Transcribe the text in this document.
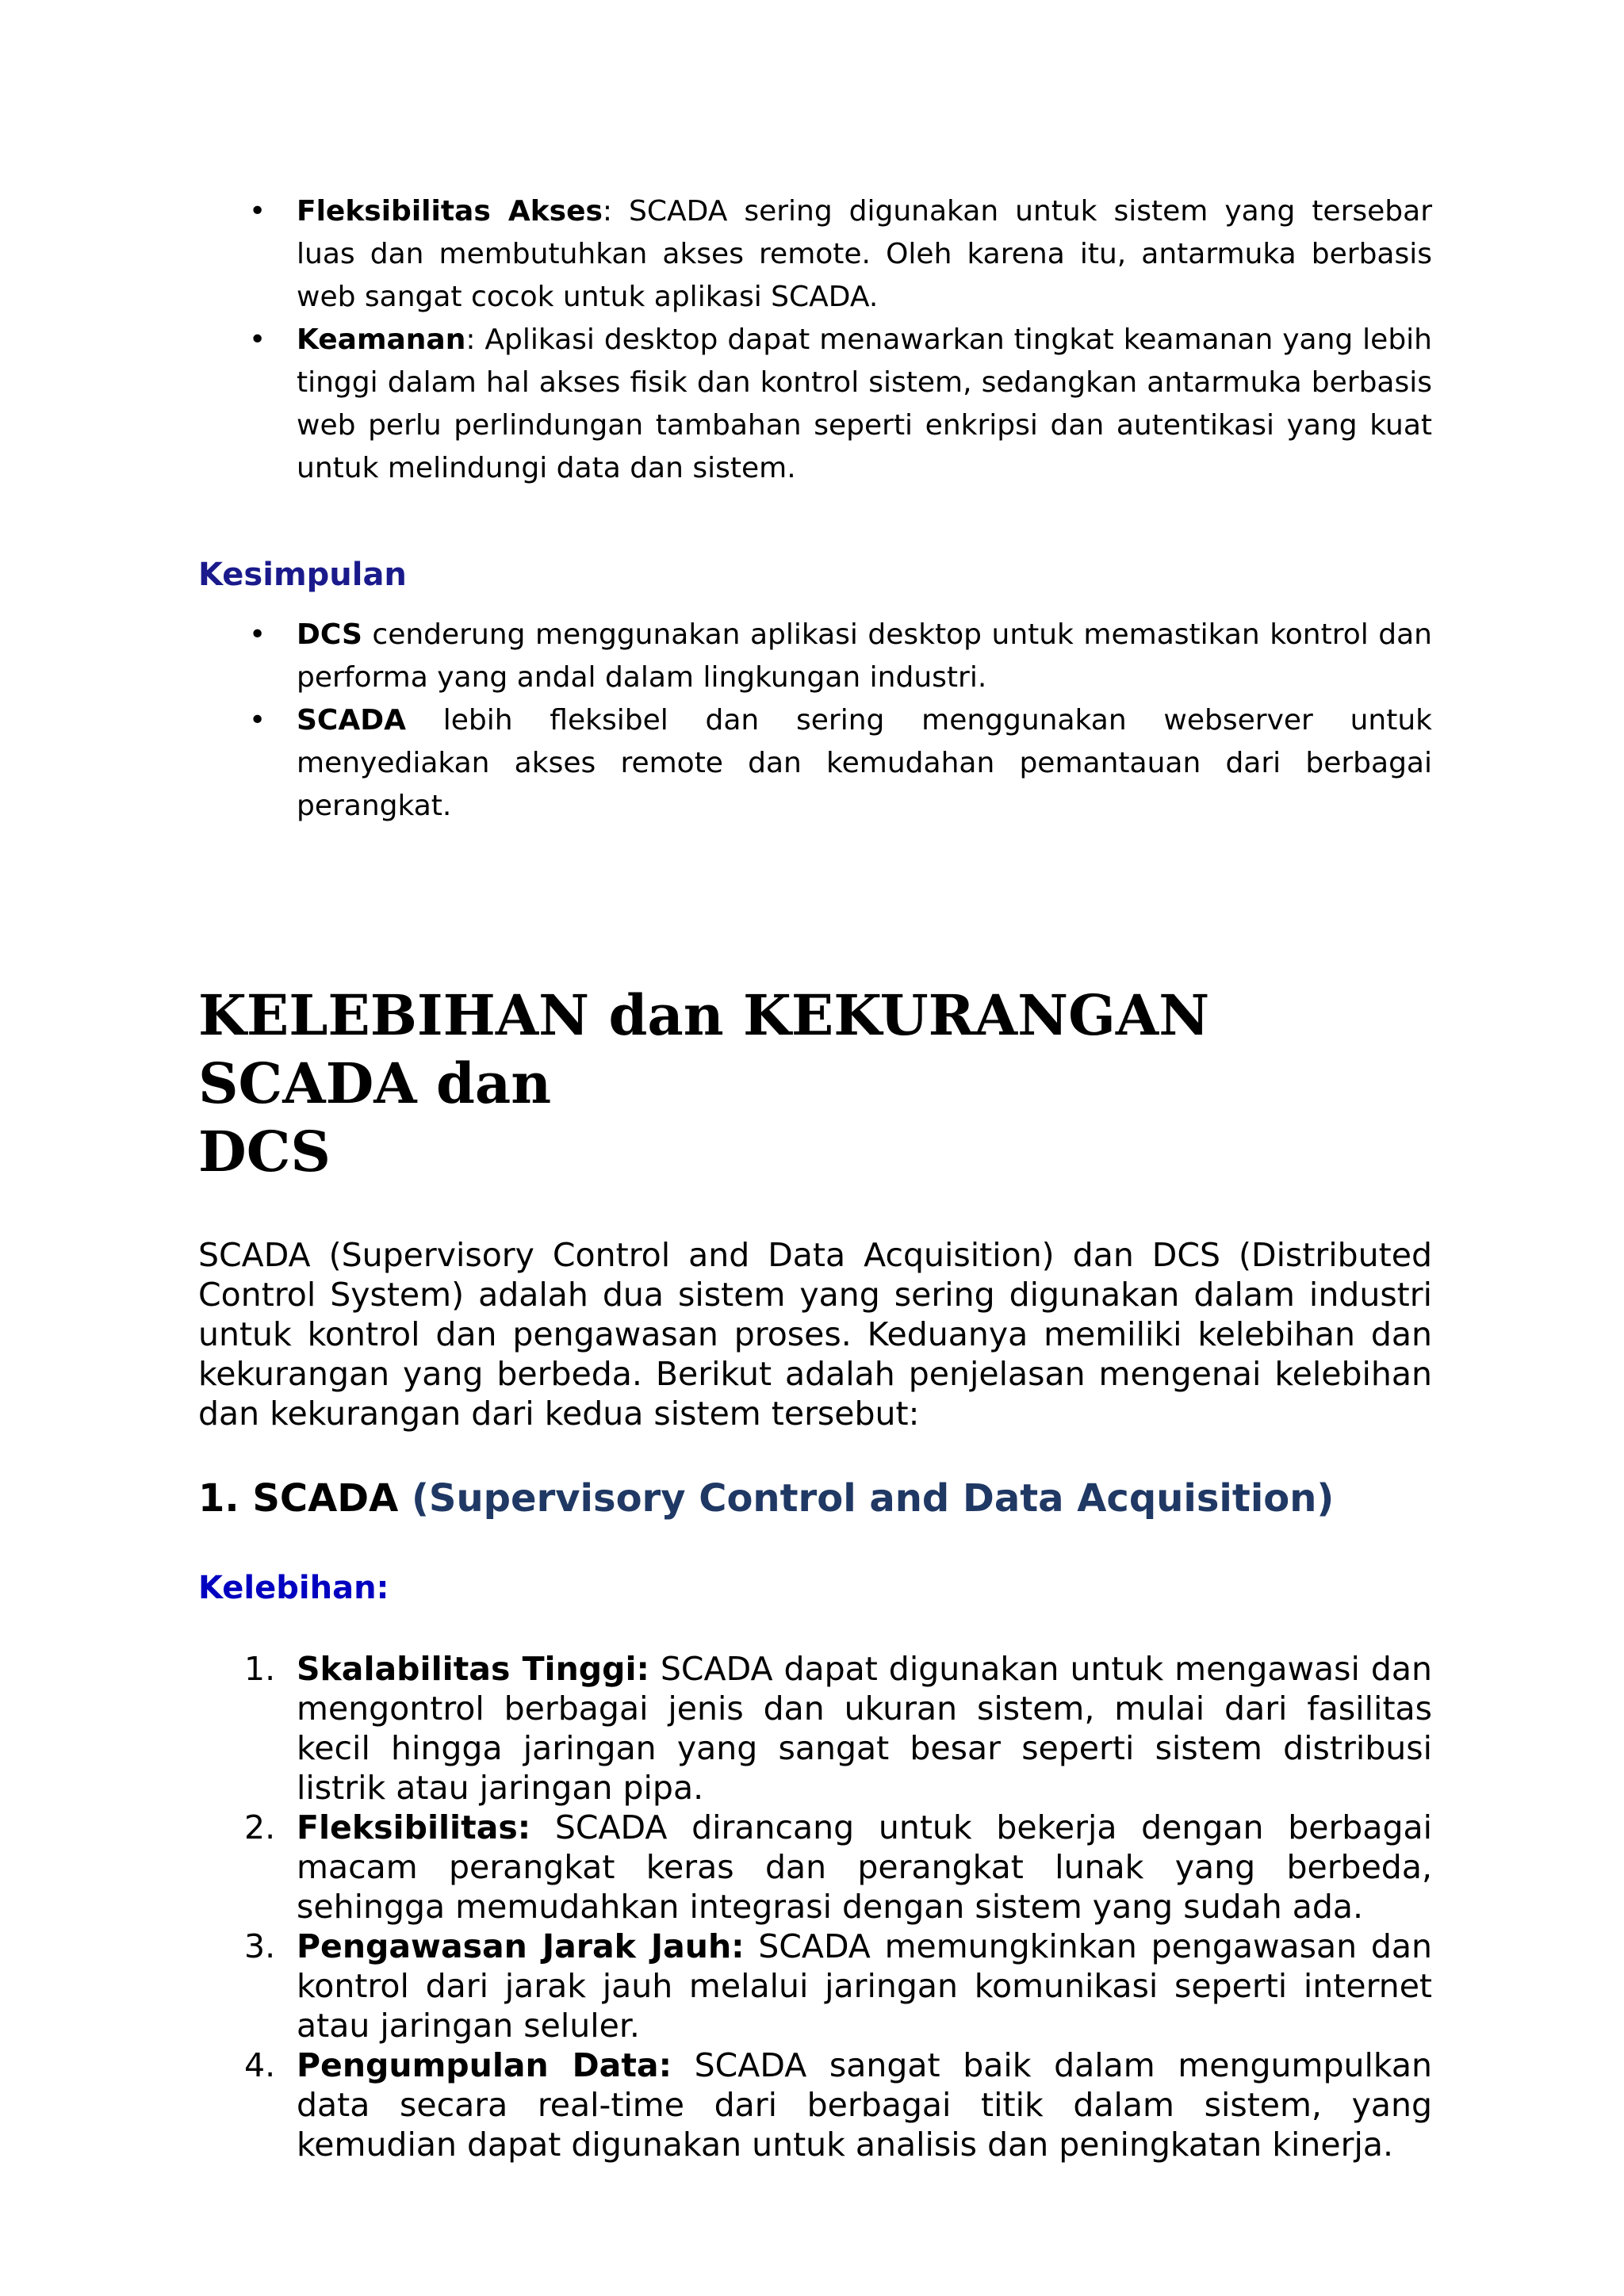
• Fleksibilitas Akses: SCADA sering digunakan untuk sistem yang tersebar luas dan membutuhkan akses remote. Oleh karena itu, antarmuka berbasis web sangat cocok untuk aplikasi SCADA.
• Keamanan: Aplikasi desktop dapat menawarkan tingkat keamanan yang lebih tinggi dalam hal akses fisik dan kontrol sistem, sedangkan antarmuka berbasis web perlu perlindungan tambahan seperti enkripsi dan autentikasi yang kuat untuk melindungi data dan sistem.
Kesimpulan
• DCS cenderung menggunakan aplikasi desktop untuk memastikan kontrol dan performa yang andal dalam lingkungan industri.
• SCADA lebih fleksibel dan sering menggunakan webserver untuk menyediakan akses remote dan kemudahan pemantauan dari berbagai perangkat.
KELEBIHAN dan KEKURANGAN SCADA dan
DCS

SCADA (Supervisory Control and Data Acquisition) dan DCS (Distributed Control System) adalah dua sistem yang sering digunakan dalam industri untuk kontrol dan pengawasan proses. Keduanya memiliki kelebihan dan kekurangan yang berbeda. Berikut adalah penjelasan mengenai kelebihan dan kekurangan dari kedua sistem tersebut:

1. SCADA (Supervisory Control and Data Acquisition)

Kelebihan:

1. Skalabilitas Tinggi: SCADA dapat digunakan untuk mengawasi dan mengontrol berbagai jenis dan ukuran sistem, mulai dari fasilitas kecil hingga jaringan yang sangat besar seperti sistem distribusi listrik atau jaringan pipa.
2. Fleksibilitas: SCADA dirancang untuk bekerja dengan berbagai macam perangkat keras dan perangkat lunak yang berbeda, sehingga memudahkan integrasi dengan sistem yang sudah ada.
3. Pengawasan Jarak Jauh: SCADA memungkinkan pengawasan dan kontrol dari jarak jauh melalui jaringan komunikasi seperti internet atau jaringan seluler.
4. Pengumpulan Data: SCADA sangat baik dalam mengumpulkan data secara real-time dari berbagai titik dalam sistem, yang kemudian dapat digunakan untuk analisis dan peningkatan kinerja.
